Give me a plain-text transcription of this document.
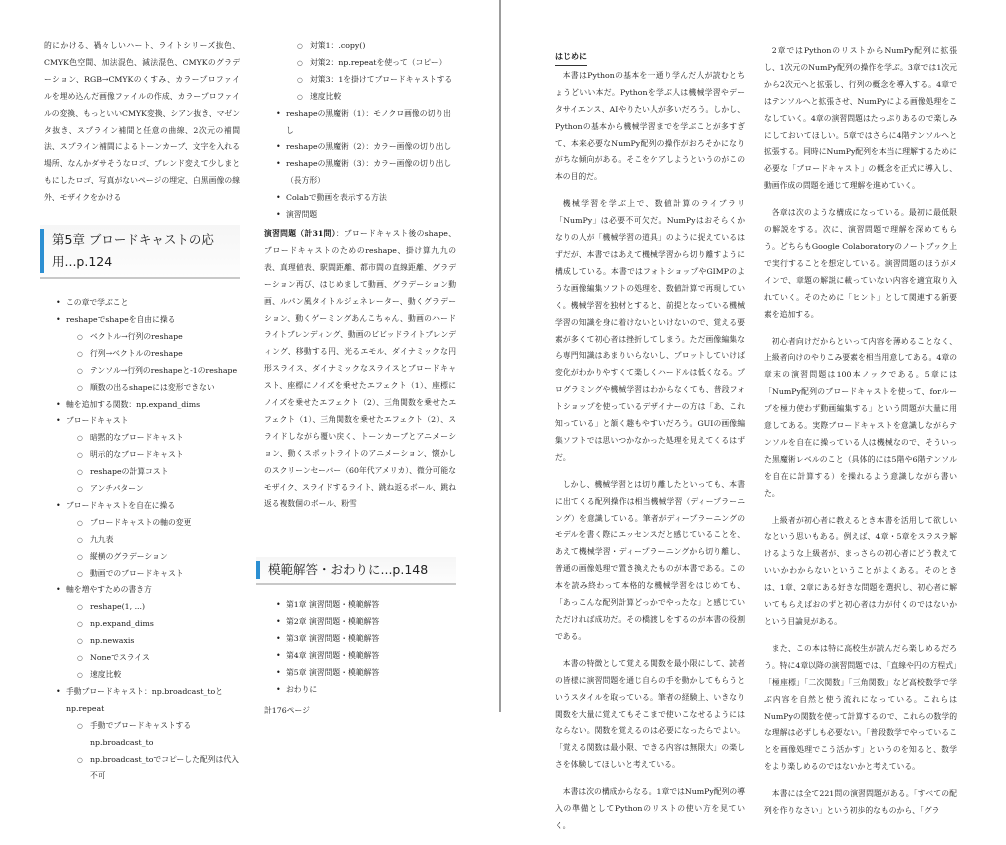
的にかける、禍々しいハート、ライトシリーズ抜色、CMYK色空間、加法混色、減法混色、CMYKのグラデーション、RGB→CMYKのくすみ、カラープロファイルを埋め込んだ画像ファイルの作成、カラープロファイルの変換、もっといいCMYK変換、シアン抜き、マゼンタ抜き、スプライン補間と任意の曲線、2次元の補間法、スプライン補間によるトーンカーブ、文字を入れる場所、なんかダサそうなロゴ、ブレンド変えて少しまともにしたロゴ、写真がないページの埋定、白黒画像の線外、モザイクをかける

第5章 ブロードキャストの応用...p.124
• この章で学ぶこと
• reshapeでshapeを自由に操る
○ ベクトル→行列のreshape
○ 行列→ベクトルのreshape
○ テンソル→行列のreshapeと-1のreshape
○ 順数の出るshapeには変形できない
• 軸を追加する関数：np.expand_dims
• ブロードキャスト
○ 暗黙的なブロードキャスト
○ 明示的なブロードキャスト
○ reshapeの計算コスト
○ アンチパターン
• ブロードキャストを自在に操る
○ ブロードキャストの軸の変更
○ 九九表
○ 縦横のグラデーション
○ 動画でのブロードキャスト
• 軸を増やすための書き方
○ reshape(1, ...)
○ np.expand_dims
○ np.newaxis
○ Noneでスライス
○ 速度比較
• 手動ブロードキャスト：np.broadcast_toとnp.repeat
○ 手動でブロードキャストするnp.broadcast_to
○ np.broadcast_toでコピーした配列は代入不可
○ 対策1：.copy()
○ 対策2：np.repeatを使って（コピー）
○ 対策3：1を掛けてブロードキャストする
○ 速度比較
• reshapeの黒魔術（1）：モノクロ画像の切り出し
• reshapeの黒魔術（2）：カラー画像の切り出し
• reshapeの黒魔術（3）：カラー画像の切り出し（長方形）
• Colabで動画を表示する方法
• 演習問題

演習問題（計31問）：ブロードキャスト後のshape、ブロードキャストのためのreshape、掛け算九九の表、真理値表、駅間距離、都市間の直線距離、グラデーション再び、はじめまして動画、グラデーション動画、ルパン風タイトルジェネレーター、動くグラデーション、動くゲーミングあんこちゃん、動画のハードライトブレンディング、動画のビビッドライトブレンディング、移動する円、光るエモル、ダイナミックな円形スライス、ダイナミックなスライスとブロードキャスト、座標にノイズを乗せたエフェクト（1）、座標にノイズを乗せたエフェクト（2）、三角関数を乗せたエフェクト（1）、三角関数を乗せたエフェクト（2）、スライドしながら覆い戻く、トーンカーブとアニメーション、動くスポットライトのアニメーション、懐かしのスクリーンセーバー（60年代アメリカ）、微分可能なモザイク、スライドするライト、跳ね返るボール、跳ね返る複数個のボール、粉雪

模範解答・おわりに...p.148
• 第1章 演習問題・模範解答
• 第2章 演習問題・模範解答
• 第3章 演習問題・模範解答
• 第4章 演習問題・模範解答
• 第5章 演習問題・模範解答
• おわりに

計176ページ

はじめに

本書はPythonの基本を一通り学んだ人が読むとちょうどいい本だ。Pythonを学ぶ人は機械学習やデータサイエンス、AIやりたい人が多いだろう。しかし、Pythonの基本から機械学習までを学ぶことが多すぎて、本来必要なNumPy配列の操作がおろそかになりがちな傾向がある。そこをケアしようというのがこの本の目的だ。

機械学習を学ぶ上で、数値計算のライブラリ「NumPy」は必要不可欠だ。NumPyはおそらくかなりの人が「機械学習の道具」のように捉えているはずだが、本書ではあえて機械学習から切り離すように構成している。本書ではフォトショップやGIMPのような画像編集ソフトの処理を、数値計算で再現していく。機械学習を独材とすると、前提となっている機械学習の知識を身に着けないといけないので、覚える要素が多くて初心者は挫折してしまう。ただ画像編集なら専門知識はあまりいらないし、プロットしていけば変化がわかりやすくて楽しくハードルは低くなる。プログラミングや機械学習はわからなくても、普段フォトショップを使っているデザイナーの方は「あ、これ知っている」と頷く趣もやすいだろう。GUIの画像編集ソフトでは思いつかなかった処理を見えてくるはずだ。

しかし、機械学習とは切り離したといっても、本書に出てくる配列操作は相当機械学習（ディープラーニング）を意識している。筆者がディープラーニングのモデルを書く際にエッセンスだと感じていることを、あえて機械学習・ディープラーニングから切り離し、普通の画像処理で置き換えたものが本書である。この本を読み終わって本格的な機械学習をはじめても、「あっこんな配列計算どっかでやったな」と感じていただければ成功だ。その橋渡しをするのが本書の役割である。

本書の特徴として覚える関数を最小限にして、読者の皆様に演習問題を通じ自らの手を動かしてもらうというスタイルを取っている。筆者の経験上、いきなり関数を大量に覚えてもそこまで使いこなせるようにはならない。関数を覚えるのは必要になったらでよい。「覚える関数は最小限、できる内容は無限大」の楽しさを体験してほしいと考えている。

本書は次の構成からなる。1章ではNumPy配列の導入の準備としてPythonのリストの使い方を見ていく。

2章ではPythonのリストからNumPy配列に拡張し、1次元のNumPy配列の操作を学ぶ。3章では1次元から2次元へと拡張し、行列の概念を導入する。4章ではテンソルへと拡張させ、NumPyによる画像処理をこなしていく。4章の演習問題はたっぷりあるので楽しみにしておいてほしい。5章ではさらに4階テンソルへと拡張する。同時にNumPy配列を本当に理解するために必要な「ブロードキャスト」の概念を正式に導入し、動画作成の問題を通じて理解を進めていく。

各章は次のような構成になっている。最初に最低限の解説をする。次に、演習問題で理解を深めてもらう。どちらもGoogle Colaboratoryのノートブック上で実行することを想定している。演習問題のほうがメインで、章題の解説に載っていない内容を適宜取り入れていく。そのために「ヒント」として関連する新要素を追加する。

初心者向けだからといって内容を薄めることなく、上級者向けのやりこみ要素を相当用意してある。4章の章末の演習問題は100本ノックである。5章には「NumPy配列のブロードキャストを使って、forループを極力使わず動画編集する」という問題が大量に用意してある。実際ブロードキャストを意識しながらテンソルを自在に操っている人は機械なので、そういった黒魔術レベルのこと（具体的には5階や6階テンソルを自在に計算する）を操れるよう意識しながら書いた。

上級者が初心者に教えるとき本書を活用して欲しいなという思いもある。例えば、4章・5章をスラスラ解けるような上級者が、まっさらの初心者にどう教えていいかわからないということがよくある。そのときは、1章、2章にある好きな問題を選択し、初心者に解いてもらえばおのずと初心者は力が付くのではないかという目論見がある。

また、この本は特に高校生が読んだら楽しめるだろう。特に4章以降の演習問題では、「直線や円の方程式」「極座標」「二次関数」「三角関数」など高校数学で学ぶ内容を自然と使う流れになっている。これらはNumPyの関数を使って計算するので、これらの数学的な理解は必ずしも必要ない。「普段数学でやっていることを画像処理でこう活かす」というのを知ると、数学をより楽しめるのではないかと考えている。

本書には全て221問の演習問題がある。「すべての配列を作りなさい」という初歩的なものから、「グラ
